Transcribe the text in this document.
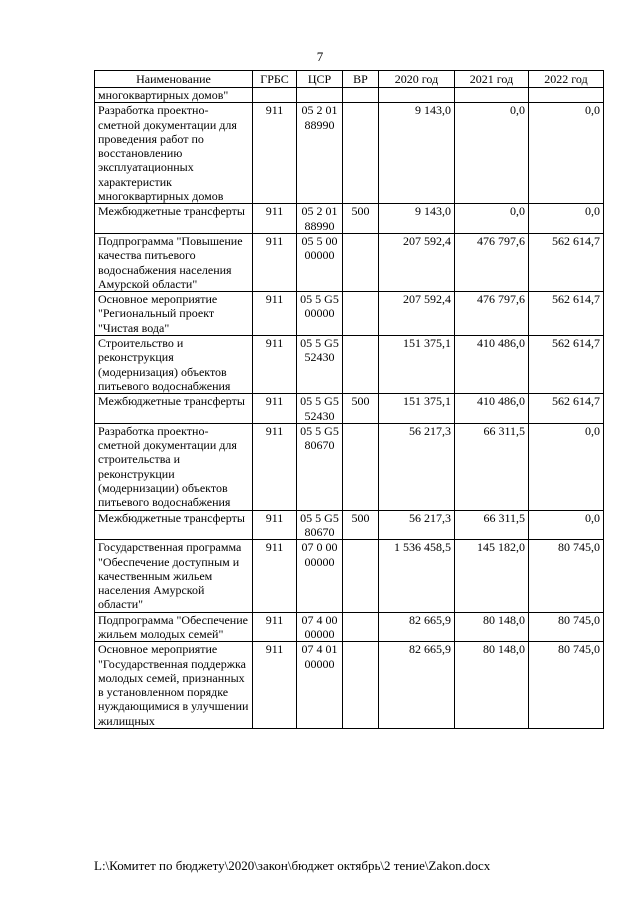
7
Наименование	ГРБС	ЦСР	ВР	2020 год	2021 год	2022 год
многоквартирных домов"						
Разработка проектно-сметной документации для проведения работ по восстановлению эксплуатационных характеристик многоквартирных домов	911	05 2 01 88990		9 143,0	0,0	0,0
Межбюджетные трансферты	911	05 2 01 88990	500	9 143,0	0,0	0,0
Подпрограмма "Повышение качества питьевого водоснабжения населения Амурской области"	911	05 5 00 00000		207 592,4	476 797,6	562 614,7
Основное мероприятие "Региональный проект "Чистая вода"	911	05 5 G5 00000		207 592,4	476 797,6	562 614,7
Строительство и реконструкция (модернизация) объектов питьевого водоснабжения	911	05 5 G5 52430		151 375,1	410 486,0	562 614,7
Межбюджетные трансферты	911	05 5 G5 52430	500	151 375,1	410 486,0	562 614,7
Разработка проектно-сметной документации для строительства и реконструкции (модернизации) объектов питьевого водоснабжения	911	05 5 G5 80670		56 217,3	66 311,5	0,0
Межбюджетные трансферты	911	05 5 G5 80670	500	56 217,3	66 311,5	0,0
Государственная программа "Обеспечение доступным и качественным жильем населения Амурской области"	911	07 0 00 00000		1 536 458,5	145 182,0	80 745,0
Подпрограмма "Обеспечение жильем молодых семей"	911	07 4 00 00000		82 665,9	80 148,0	80 745,0
Основное мероприятие "Государственная поддержка молодых семей, признанных в установленном порядке нуждающимися в улучшении жилищных	911	07 4 01 00000		82 665,9	80 148,0	80 745,0
L:\Комитет по бюджету\2020\закон\бюджет октябрь\2 тение\Zakon.docx
